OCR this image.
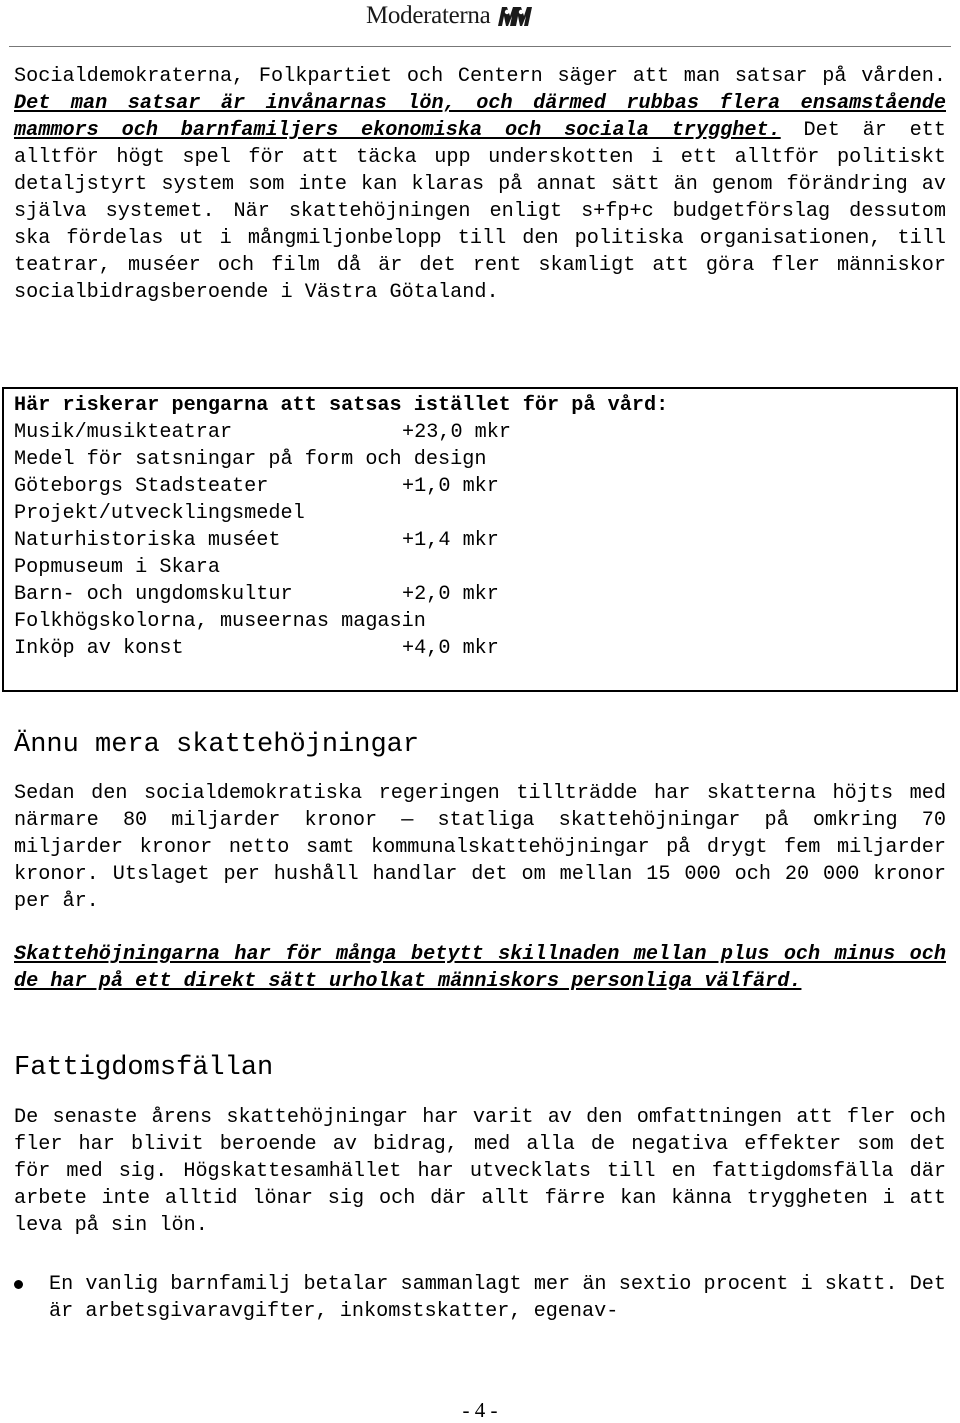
Moderaterna

Socialdemokraterna, Folkpartiet och Centern säger att man satsar på vården. Det man satsar är invånarnas lön, och därmed rubbas flera ensamstående mammors och barnfamiljers ekonomiska och sociala trygghet. Det är ett alltför högt spel för att täcka upp underskotten i ett alltför politiskt detaljstyrt system som inte kan klaras på annat sätt än genom förändring av själva systemet. När skattehöjningen enligt s+fp+c budgetförslag dessutom ska fördelas ut i mångmiljonbelopp till den politiska organisationen, till teatrar, muséer och film då är det rent skamligt att göra fler människor socialbidragsberoende i Västra Götaland.

Här riskerar pengarna att satsas istället för på vård:
Musik/musikteatrar	+23,0 mkr
Medel för satsningar på form och design
Göteborgs Stadsteater	+1,0 mkr
Projekt/utvecklingsmedel
Naturhistoriska muséet	+1,4 mkr
Popmuseum i Skara
Barn- och ungdomskultur	+2,0 mkr
Folkhögskolorna, museernas magasin
Inköp av konst	+4,0 mkr
Ännu mera skattehöjningar

Sedan den socialdemokratiska regeringen tillträdde har skatterna höjts med närmare 80 miljarder kronor — statliga skattehöjningar på omkring 70 miljarder kronor netto samt kommunalskattehöjningar på drygt fem miljarder kronor. Utslaget per hushåll handlar det om mellan 15 000 och 20 000 kronor per år.

Skattehöjningarna har för många betytt skillnaden mellan plus och minus och de har på ett direkt sätt urholkat människors personliga välfärd.

Fattigdomsfällan

De senaste årens skattehöjningar har varit av den omfattningen att fler och fler har blivit beroende av bidrag, med alla de negativa effekter som det för med sig. Högskattesamhället har utvecklats till en fattigdomsfälla där arbete inte alltid lönar sig och där allt färre kan känna tryggheten i att leva på sin lön.

En vanlig barnfamilj betalar sammanlagt mer än sextio procent i skatt. Det är arbetsgivaravgifter, inkomstskatter, egenav-

- 4 -
